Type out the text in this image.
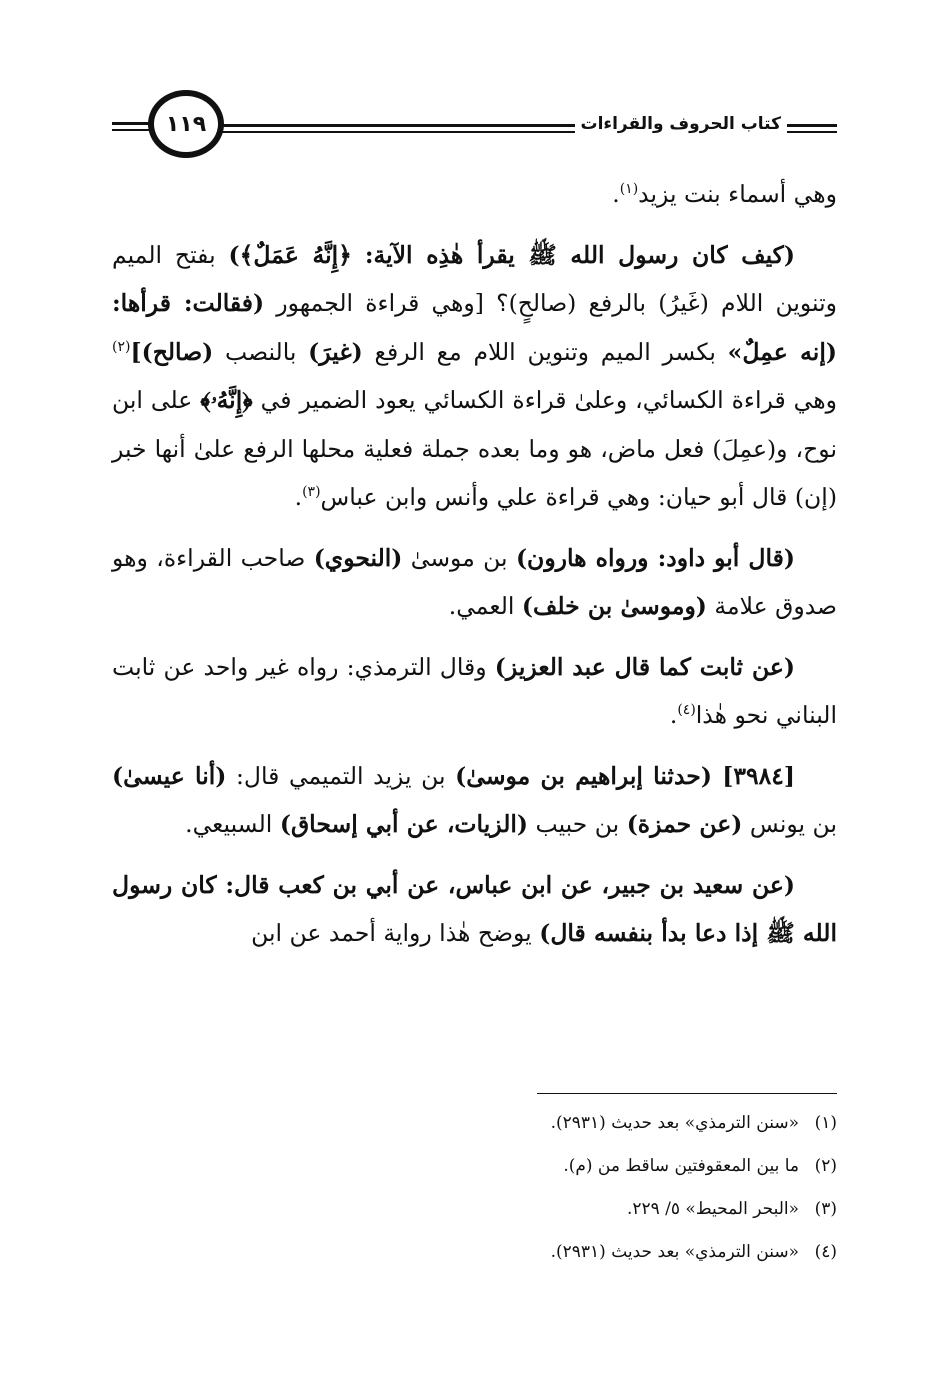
١١٩	كتاب الحروف والقراءات

وهي أسماء بنت يزيد$^{(١)}$.

(كيف كان رسول الله ﷺ يقرأ هٰذِه الآية: ﴿إِنَّهُ عَمَلٌ﴾) بفتح الميم وتنوين اللام (غَيرُ) بالرفع (صالحٍ)؟ [وهي قراءة الجمهور (فقالت: قرأها: (إنه عمِلٌ» بكسر الميم وتنوين اللام مع الرفع (غيرَ) بالنصب (صالح)]$^{(٢)}$ وهي قراءة الكسائي، وعلىٰ قراءة الكسائي يعود الضمير في ﴿إِنَّهُۥ﴾ على ابن نوح، و(عمِلَ) فعل ماض، هو وما بعده جملة فعلية محلها الرفع علىٰ أنها خبر (إن) قال أبو حيان: وهي قراءة علي وأنس وابن عباس$^{(٣)}$.

(قال أبو داود: ورواه هارون) بن موسىٰ (النحوي) صاحب القراءة، وهو صدوق علامة (وموسىٰ بن خلف) العمي.

(عن ثابت كما قال عبد العزيز) وقال الترمذي: رواه غير واحد عن ثابت البناني نحو هٰذا$^{(٤)}$.

[٣٩٨٤] (حدثنا إبراهيم بن موسىٰ) بن يزيد التميمي قال: (أنا عيسىٰ) بن يونس (عن حمزة) بن حبيب (الزيات، عن أبي إسحاق) السبيعي.

(عن سعيد بن جبير، عن ابن عباس، عن أبي بن كعب قال: كان رسول الله ﷺ إذا دعا بدأ بنفسه قال) يوضح هٰذا رواية أحمد عن ابن

(١)
«سنن الترمذي» بعد حديث (٢٩٣١).
(٢)
ما بين المعقوفتين ساقط من (م).
(٣)
«البحر المحيط» ٥/ ٢٢٩.
(٤)
«سنن الترمذي» بعد حديث (٢٩٣١).
